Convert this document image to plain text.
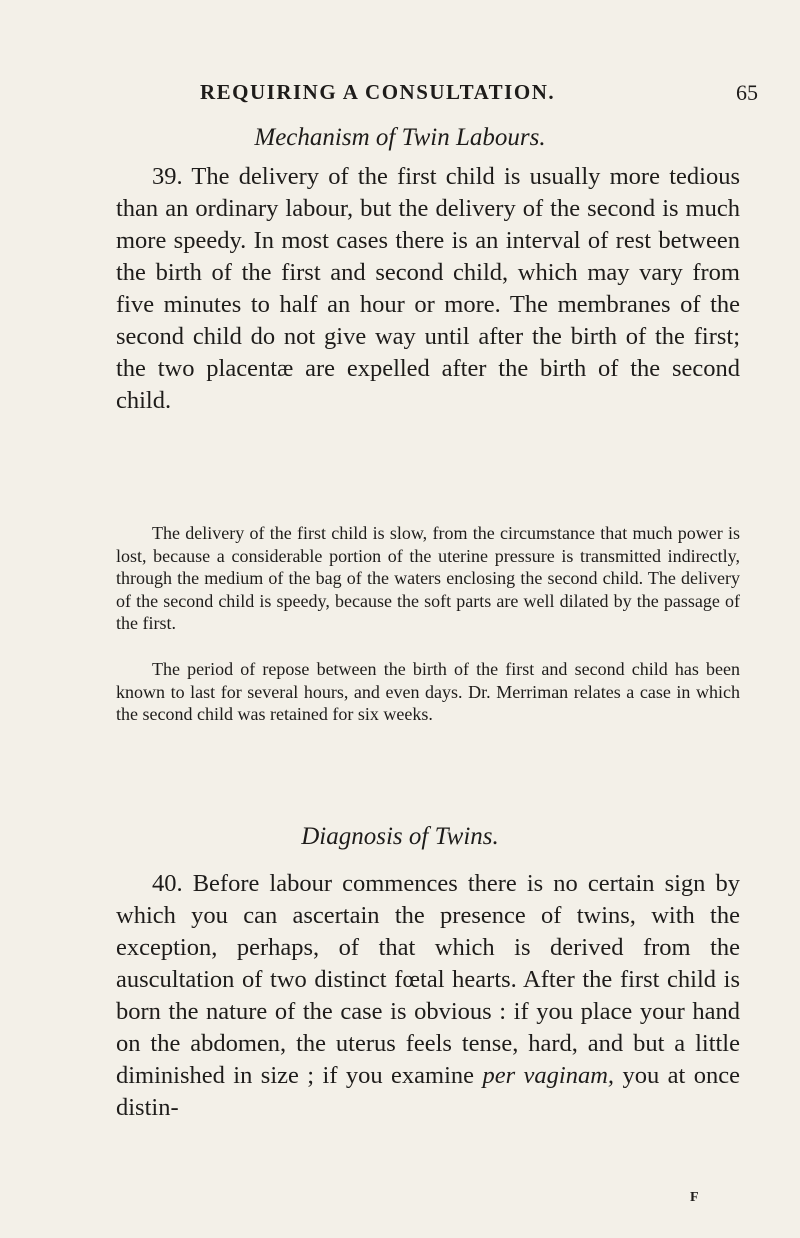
REQUIRING A CONSULTATION.	65
Mechanism of Twin Labours.

39. The delivery of the first child is usually more tedious than an ordinary labour, but the delivery of the second is much more speedy. In most cases there is an interval of rest between the birth of the first and second child, which may vary from five minutes to half an hour or more. The membranes of the second child do not give way until after the birth of the first; the two placentæ are expelled after the birth of the second child.

The delivery of the first child is slow, from the circumstance that much power is lost, because a considerable portion of the uterine pressure is transmitted indirectly, through the medium of the bag of the waters enclosing the second child. The delivery of the second child is speedy, because the soft parts are well dilated by the passage of the first.

The period of repose between the birth of the first and second child has been known to last for several hours, and even days. Dr. Merriman relates a case in which the second child was retained for six weeks.

Diagnosis of Twins.

40. Before labour commences there is no certain sign by which you can ascertain the presence of twins, with the exception, perhaps, of that which is derived from the auscultation of two distinct fœtal hearts. After the first child is born the nature of the case is obvious : if you place your hand on the abdomen, the uterus feels tense, hard, and but a little diminished in size ; if you examine per vaginam, you at once distin-

F
